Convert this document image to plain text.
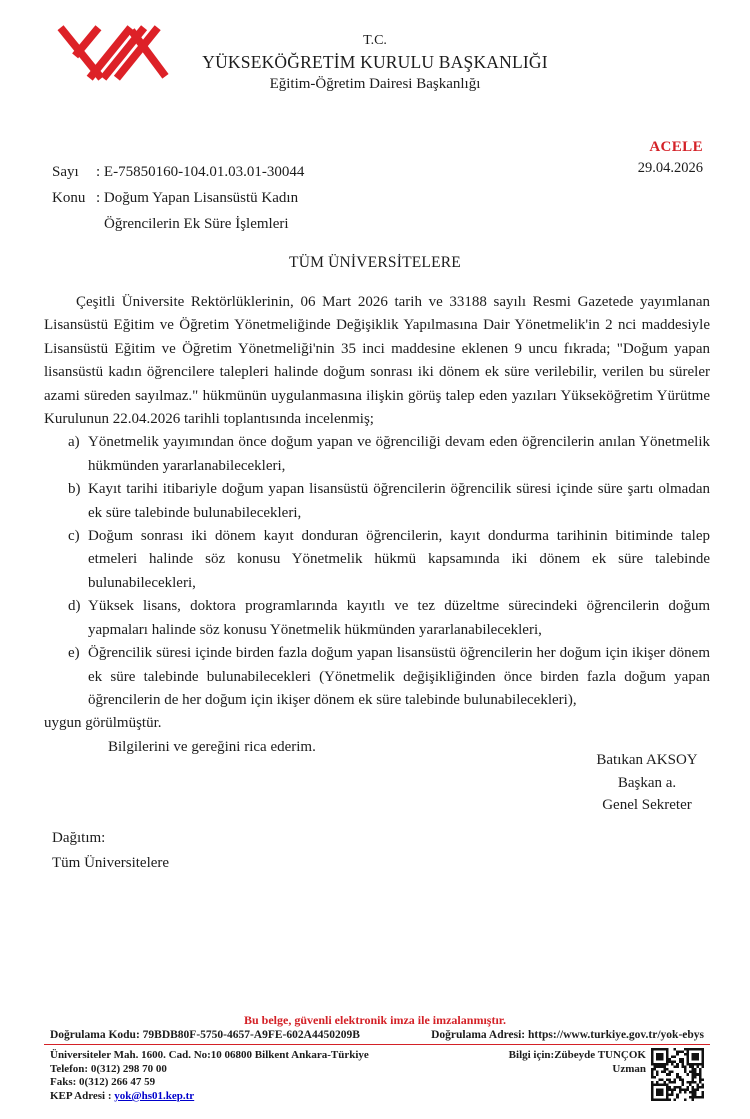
T.C.
YÜKSEKÖĞRETİM KURULU BAŞKANLIĞI
Eğitim-Öğretim Dairesi Başkanlığı
ACELE
29.04.2026
Sayı	: E-75850160-104.01.03.01-30044
Konu : Doğum Yapan Lisansüstü Kadın
Öğrencilerin Ek Süre İşlemleri
TÜM ÜNİVERSİTELERE

Çeşitli Üniversite Rektörlüklerinin, 06 Mart 2026 tarih ve 33188 sayılı Resmi Gazetede yayımlanan Lisansüstü Eğitim ve Öğretim Yönetmeliğinde Değişiklik Yapılmasına Dair Yönetmelik'in 2 nci maddesiyle Lisansüstü Eğitim ve Öğretim Yönetmeliği'nin 35 inci maddesine eklenen 9 uncu fıkrada; "Doğum yapan lisansüstü kadın öğrencilere talepleri halinde doğum sonrası iki dönem ek süre verilebilir, verilen bu süreler azami süreden sayılmaz." hükmünün uygulanmasına ilişkin görüş talep eden yazıları Yükseköğretim Yürütme Kurulunun 22.04.2026 tarihli toplantısında incelenmiş;

a) Yönetmelik yayımından önce doğum yapan ve öğrenciliği devam eden öğrencilerin anılan Yönetmelik hükmünden yararlanabilecekleri,
b) Kayıt tarihi itibariyle doğum yapan lisansüstü öğrencilerin öğrencilik süresi içinde süre şartı olmadan ek süre talebinde bulunabilecekleri,
c) Doğum sonrası iki dönem kayıt donduran öğrencilerin, kayıt dondurma tarihinin bitiminde talep etmeleri halinde söz konusu Yönetmelik hükmü kapsamında iki dönem ek süre talebinde bulunabilecekleri,
d) Yüksek lisans, doktora programlarında kayıtlı ve tez düzeltme sürecindeki öğrencilerin doğum yapmaları halinde söz konusu Yönetmelik hükmünden yararlanabilecekleri,
e) Öğrencilik süresi içinde birden fazla doğum yapan lisansüstü öğrencilerin her doğum için ikişer dönem ek süre talebinde bulunabilecekleri (Yönetmelik değişikliğinden önce birden fazla doğum yapan öğrencilerin de her doğum için ikişer dönem ek süre talebinde bulunabilecekleri),

uygun görülmüştür.

Bilgilerini ve gereğini rica ederim.

Batıkan AKSOY
Başkan a.
Genel Sekreter
Dağıtım:
Tüm Üniversitelere
Bu belge, güvenli elektronik imza ile imzalanmıştır.
Doğrulama Kodu: 79BDB80F-5750-4657-A9FE-602A4450209B	Doğrulama Adresi: https://www.turkiye.gov.tr/yok-ebys
Üniversiteler Mah. 1600. Cad. No:10 06800 Bilkent Ankara-Türkiye
Telefon: 0(312) 298 70 00
Faks: 0(312) 266 47 59
KEP Adresi : yok@hs01.kep.tr
Bilgi için:Zübeyde TUNÇOK
Uzman
